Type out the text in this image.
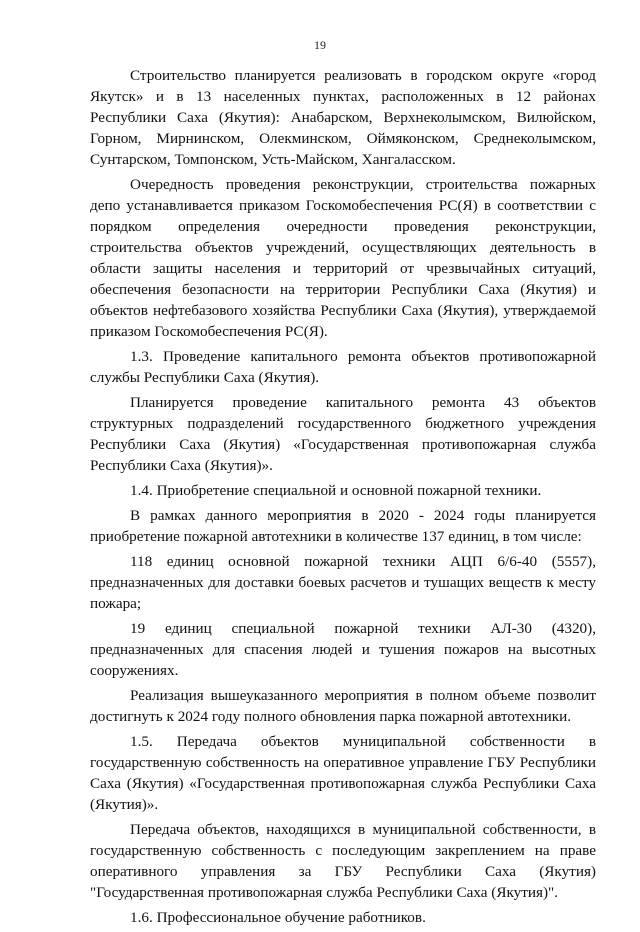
19

Строительство планируется реализовать в городском округе «город Якутск» и в 13 населенных пунктах, расположенных в 12 районах Республики Саха (Якутия): Анабарском, Верхнеколымском, Вилюйском, Горном, Мирнинском, Олекминском, Оймяконском, Среднеколымском, Сунтарском, Томпонском, Усть-Майском, Хангаласском.

Очередность проведения реконструкции, строительства пожарных депо устанавливается приказом Госкомобеспечения РС(Я) в соответствии с порядком определения очередности проведения реконструкции, строительства объектов учреждений, осуществляющих деятельность в области защиты населения и территорий от чрезвычайных ситуаций, обеспечения безопасности на территории Республики Саха (Якутия) и объектов нефтебазового хозяйства Республики Саха (Якутия), утверждаемой приказом Госкомобеспечения РС(Я).

1.3. Проведение капитального ремонта объектов противопожарной службы Республики Саха (Якутия).

Планируется проведение капитального ремонта 43 объектов структурных подразделений государственного бюджетного учреждения Республики Саха (Якутия) «Государственная противопожарная служба Республики Саха (Якутия)».

1.4. Приобретение специальной и основной пожарной техники.

В рамках данного мероприятия в 2020 - 2024 годы планируется приобретение пожарной автотехники в количестве 137 единиц, в том числе:

118 единиц основной пожарной техники АЦП 6/6-40 (5557), предназначенных для доставки боевых расчетов и тушащих веществ к месту пожара;

19 единиц специальной пожарной техники АЛ-30 (4320), предназначенных для спасения людей и тушения пожаров на высотных сооружениях.

Реализация вышеуказанного мероприятия в полном объеме позволит достигнуть к 2024 году полного обновления парка пожарной автотехники.

1.5. Передача объектов муниципальной собственности в государственную собственность на оперативное управление ГБУ Республики Саха (Якутия) «Государственная противопожарная служба Республики Саха (Якутия)».

Передача объектов, находящихся в муниципальной собственности, в государственную собственность с последующим закреплением на праве оперативного управления за ГБУ Республики Саха (Якутия) "Государственная противопожарная служба Республики Саха (Якутия)".

1.6. Профессиональное обучение работников.
